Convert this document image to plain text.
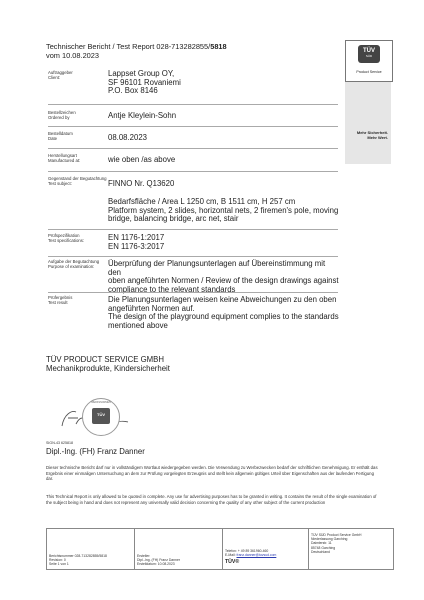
Technischer Bericht / Test Report 028-713282855/5818
vom 10.08.2023	TÜV
SÜD
Product Service
Mehr Sicherheit.
Mehr Wert.
Auftraggeber
Client:	Lappset Group OY,
SF 96101 Rovaniemi
P.O. Box 8146
Bestellzeichen
Ordered by	Antje Kleylein-Sohn
Bestelldatum
Date	08.08.2023
Herstellungsart
Manufactured at:	wie oben /as above
Gegenstand der Begutachtung
Test subject:	FINNO Nr. Q13620
Bedarfsfläche / Area L 1250 cm, B 1511 cm, H 257 cm
Platform system, 2 slides, horizontal nets, 2 firemen's pole, moving
bridge, balancing bridge, arc net, stair
Prüfspezifikation
Test specifications:	EN 1176-1:2017
EN 1176-3:2017
Aufgabe der Begutachtung
Purpose of examination:	Überprüfung der Planungsunterlagen auf Übereinstimmung mit den
oben angeführten Normen / Review of the design drawings against
compliance to the relevant standards
Prüfergebnis
Test result	Die Planungsunterlagen weisen keine Abweichungen zu den oben
angeführten Normen auf.
The design of the playground equipment complies to the standards
mentioned above
TÜV PRODUCT SERVICE GMBH
Mechanikprodukte, Kindersicherheit
WERKSNORMEN
TÜV
SIGN-43 625818
Dipl.-Ing. (FH) Franz Danner
Dieser technische Bericht darf nur in vollständigem Wortlaut wiedergegeben werden. Die Verwendung zu Werbezwecken bedarf der schriftlichen Genehmigung. Er enthält das Ergebnis einer einmaligen Untersuchung an dem zur Prüfung vorgelegten Erzeugnis und stellt kein allgemein gültiges Urteil über Eigenschaften aus der laufenden Fertigung dar.
This Technical Report is only allowed to be quoted in complete. Any use for advertising purposes has to be granted in writing. It contains the result of the single examination of the subject being in hand and does not represent any universally valid decision concerning the quality of any other subject of the current production
Berichtsnummer 028-713282855/5818
Revision: 0
Seite 1 von 1
Ersteller:
Dipl.-Ing. (FH) Franz Danner
Erstelldatum: 10.08.2023
Telefon: + 49 89 361960-460
E-Mail: franz.danner@tuvsud.com
TÜV®
TÜV SÜD Product Service GmbH
Niederlassung Garching
Daimlerstr. 11
85748 Garching
Deutschland
